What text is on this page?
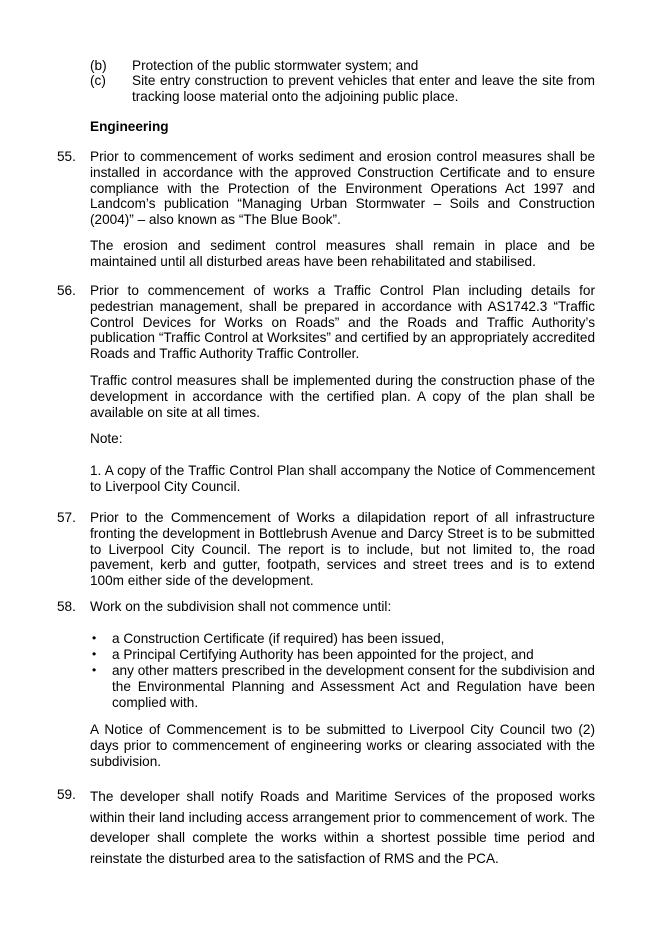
(b) Protection of the public stormwater system; and
(c) Site entry construction to prevent vehicles that enter and leave the site from tracking loose material onto the adjoining public place.
Engineering
55. Prior to commencement of works sediment and erosion control measures shall be installed in accordance with the approved Construction Certificate and to ensure compliance with the Protection of the Environment Operations Act 1997 and Landcom’s publication “Managing Urban Stormwater – Soils and Construction (2004)” – also known as “The Blue Book”.
The erosion and sediment control measures shall remain in place and be maintained until all disturbed areas have been rehabilitated and stabilised.
56. Prior to commencement of works a Traffic Control Plan including details for pedestrian management, shall be prepared in accordance with AS1742.3 “Traffic Control Devices for Works on Roads” and the Roads and Traffic Authority’s publication “Traffic Control at Worksites” and certified by an appropriately accredited Roads and Traffic Authority Traffic Controller.
Traffic control measures shall be implemented during the construction phase of the development in accordance with the certified plan. A copy of the plan shall be available on site at all times.
Note:
1. A copy of the Traffic Control Plan shall accompany the Notice of Commencement to Liverpool City Council.
57. Prior to the Commencement of Works a dilapidation report of all infrastructure fronting the development in Bottlebrush Avenue and Darcy Street is to be submitted to Liverpool City Council. The report is to include, but not limited to, the road pavement, kerb and gutter, footpath, services and street trees and is to extend 100m either side of the development.
58. Work on the subdivision shall not commence until:
• a Construction Certificate (if required) has been issued,
• a Principal Certifying Authority has been appointed for the project, and
• any other matters prescribed in the development consent for the subdivision and the Environmental Planning and Assessment Act and Regulation have been complied with.
A Notice of Commencement is to be submitted to Liverpool City Council two (2) days prior to commencement of engineering works or clearing associated with the subdivision.
59. The developer shall notify Roads and Maritime Services of the proposed works within their land including access arrangement prior to commencement of work. The developer shall complete the works within a shortest possible time period and reinstate the disturbed area to the satisfaction of RMS and the PCA.
